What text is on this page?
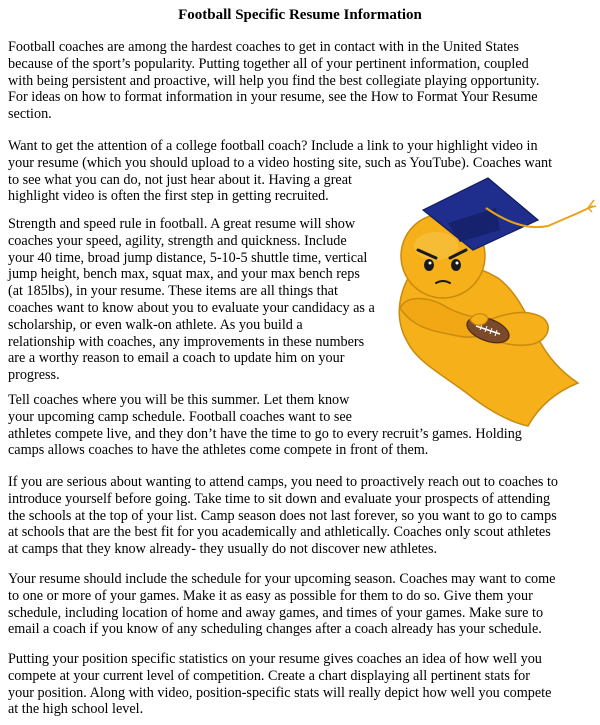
Football Specific Resume Information

Football coaches are among the hardest coaches to get in contact with in the United States
because of the sport’s popularity. Putting together all of your pertinent information, coupled
with being persistent and proactive, will help you find the best collegiate playing opportunity.
For ideas on how to format information in your resume, see the How to Format Your Resume
section.

Want to get the attention of a college football coach? Include a link to your highlight video in
your resume (which you should upload to a video hosting site, such as YouTube). Coaches want
to see what you can do, not just hear about it. Having a great
highlight video is often the first step in getting recruited.

Strength and speed rule in football. A great resume will show
coaches your speed, agility, strength and quickness. Include
your 40 time, broad jump distance, 5-10-5 shuttle time, vertical
jump height, bench max, squat max, and your max bench reps
(at 185lbs), in your resume. These items are all things that
coaches want to know about you to evaluate your candidacy as a
scholarship, or even walk-on athlete. As you build a
relationship with coaches, any improvements in these numbers
are a worthy reason to email a coach to update him on your
progress.

Tell coaches where you will be this summer. Let them know
your upcoming camp schedule. Football coaches want to see
athletes compete live, and they don’t have the time to go to every recruit’s games. Holding
camps allows coaches to have the athletes come compete in front of them.

If you are serious about wanting to attend camps, you need to proactively reach out to coaches to
introduce yourself before going. Take time to sit down and evaluate your prospects of attending
the schools at the top of your list. Camp season does not last forever, so you want to go to camps
at schools that are the best fit for you academically and athletically. Coaches only scout athletes
at camps that they know already- they usually do not discover new athletes.

Your resume should include the schedule for your upcoming season. Coaches may want to come
to one or more of your games. Make it as easy as possible for them to do so. Give them your
schedule, including location of home and away games, and times of your games. Make sure to
email a coach if you know of any scheduling changes after a coach already has your schedule.

Putting your position specific statistics on your resume gives coaches an idea of how well you
compete at your current level of competition. Create a chart displaying all pertinent stats for
your position. Along with video, position-specific stats will really depict how well you compete
at the high school level.
